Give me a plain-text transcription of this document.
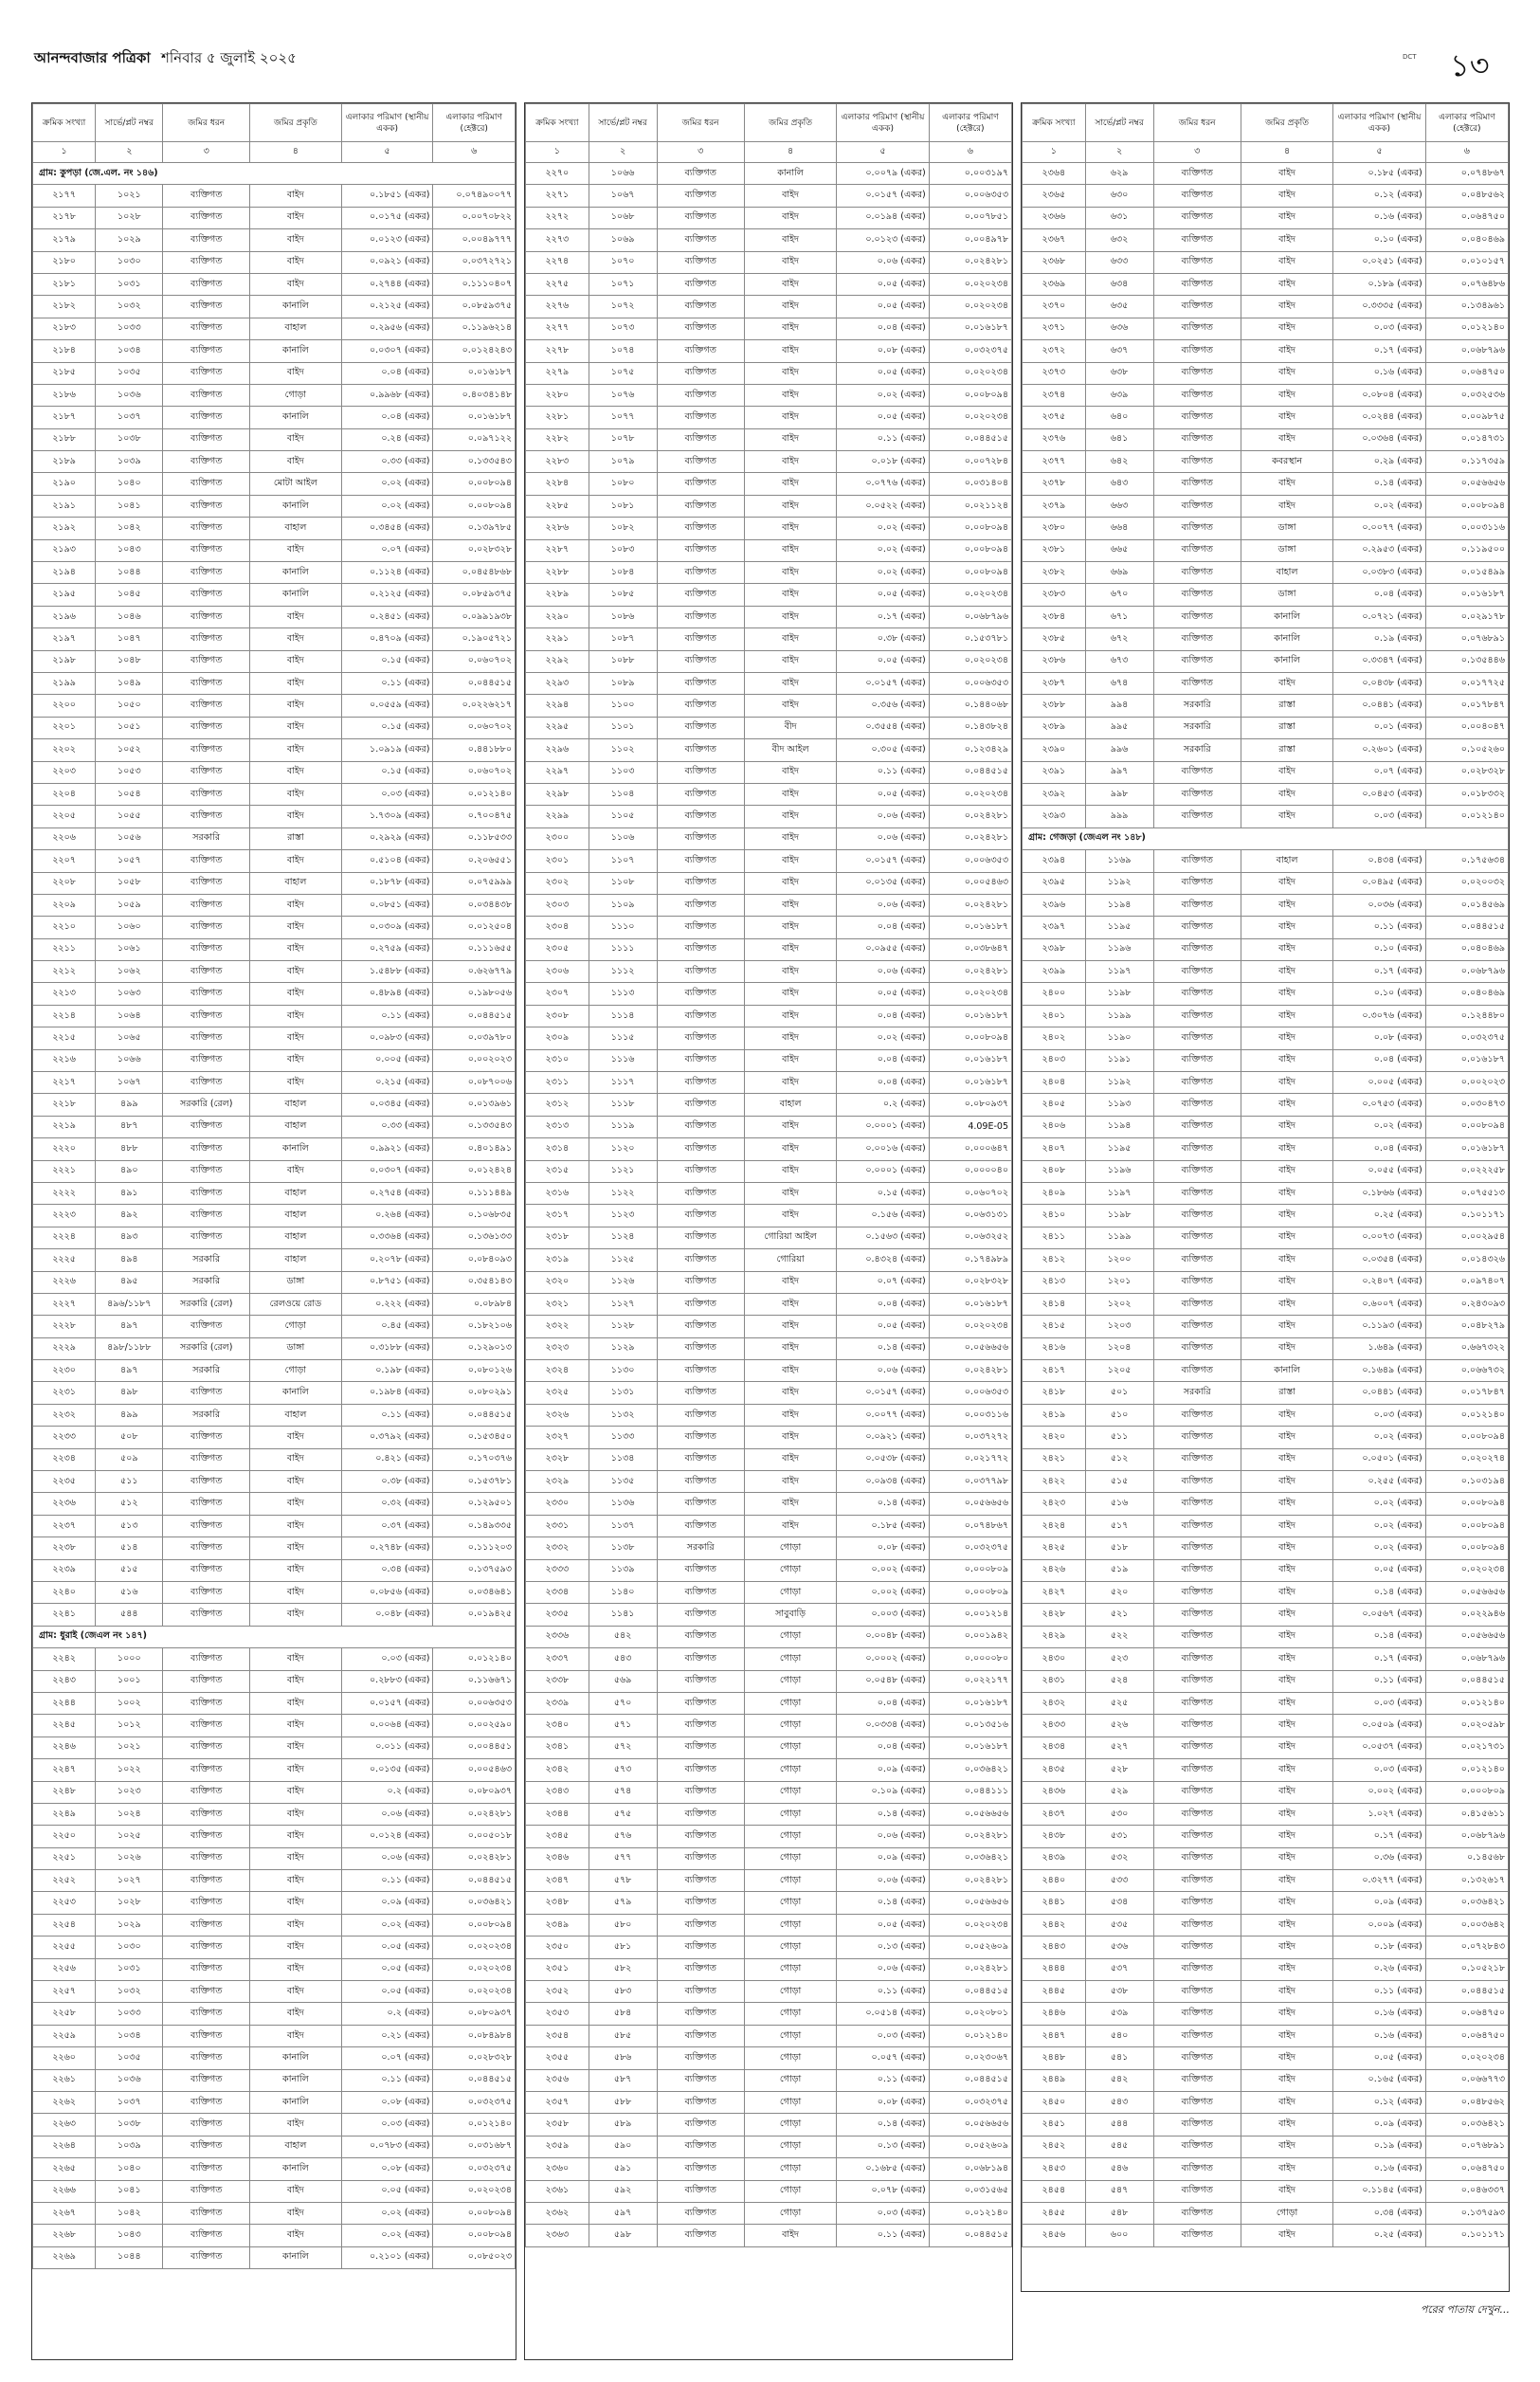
আনন্দবাজার পত্রিকা শনিবার ৫ জুলাই ২০২৫	DCT ১৩
ক্রমিক সংখ্যা	সার্ভে/প্লট নম্বর	জমির ধরন	জমির প্রকৃতি	এলাকার পরিমাণ (স্থানীয় একক)	এলাকার পরিমাণ (হেক্টরে)
১	২	৩	৪	৫	৬
গ্রাম: কুপড়া (জে.এল. নং ১৪৬)					
২১৭৭	১০২১	ব্যক্তিগত	বাইদ	০.১৮৫১ (একর)	০.০৭৪৯০০৭৭
২১৭৮	১০২৮	ব্যক্তিগত	বাইদ	০.০১৭৫ (একর)	০.০০৭০৮২২
২১৭৯	১০২৯	ব্যক্তিগত	বাইদ	০.০১২৩ (একর)	০.০০৪৯৭৭৭
২১৮০	১০৩০	ব্যক্তিগত	বাইদ	০.০৯২১ (একর)	০.০৩৭২৭২১
২১৮১	১০৩১	ব্যক্তিগত	বাইদ	০.২৭৪৪ (একর)	০.১১১০৪০৭
২১৮২	১০৩২	ব্যক্তিগত	কানালি	০.২১২৫ (একর)	০.০৮৫৯৩৭৫
২১৮৩	১০৩৩	ব্যক্তিগত	বাহাল	০.২৯৫৬ (একর)	০.১১৯৬২১৪
২১৮৪	১০৩৪	ব্যক্তিগত	কানালি	০.০৩০৭ (একর)	০.০১২৪২৪৩
২১৮৫	১০৩৫	ব্যক্তিগত	বাইদ	০.০৪ (একর)	০.০১৬১৮৭
২১৮৬	১০৩৬	ব্যক্তিগত	গোড়া	০.৯৯৬৮ (একর)	০.৪০৩৪১৪৮
২১৮৭	১০৩৭	ব্যক্তিগত	কানালি	০.০৪ (একর)	০.০১৬১৮৭
২১৮৮	১০৩৮	ব্যক্তিগত	বাইদ	০.২৪ (একর)	০.০৯৭১২২
২১৮৯	১০৩৯	ব্যক্তিগত	বাইদ	০.৩৩ (একর)	০.১৩৩৫৪৩
২১৯০	১০৪০	ব্যক্তিগত	মোটা আইল	০.০২ (একর)	০.০০৮০৯৪
২১৯১	১০৪১	ব্যক্তিগত	কানালি	০.০২ (একর)	০.০০৮০৯৪
২১৯২	১০৪২	ব্যক্তিগত	বাহাল	০.৩৪৫৪ (একর)	০.১৩৯৭৮৫
২১৯৩	১০৪৩	ব্যক্তিগত	বাইদ	০.০৭ (একর)	০.০২৮৩২৮
২১৯৪	১০৪৪	ব্যক্তিগত	কানালি	০.১১২৪ (একর)	০.০৪৫৪৮৬৮
২১৯৫	১০৪৫	ব্যক্তিগত	কানালি	০.২১২৫ (একর)	০.০৮৫৯৩৭৫
২১৯৬	১০৪৬	ব্যক্তিগত	বাইদ	০.২৪৫১ (একর)	০.০৯৯১৯৩৮
২১৯৭	১০৪৭	ব্যক্তিগত	বাইদ	০.৪৭০৯ (একর)	০.১৯০৫৭২১
২১৯৮	১০৪৮	ব্যক্তিগত	বাইদ	০.১৫ (একর)	০.০৬০৭০২
২১৯৯	১০৪৯	ব্যক্তিগত	বাইদ	০.১১ (একর)	০.০৪৪৫১৫
২২০০	১০৫০	ব্যক্তিগত	বাইদ	০.০৫৫৯ (একর)	০.০২২৬২১৭
২২০১	১০৫১	ব্যক্তিগত	বাইদ	০.১৫ (একর)	০.০৬০৭০২
২২০২	১০৫২	ব্যক্তিগত	বাইদ	১.০৯১৯ (একর)	০.৪৪১৮৮০
২২০৩	১০৫৩	ব্যক্তিগত	বাইদ	০.১৫ (একর)	০.০৬০৭০২
২২০৪	১০৫৪	ব্যক্তিগত	বাইদ	০.০৩ (একর)	০.০১২১৪০
২২০৫	১০৫৫	ব্যক্তিগত	বাইদ	১.৭৩০৯ (একর)	০.৭০০৪৭৫
২২০৬	১০৫৬	সরকারি	রাস্তা	০.২৯২৯ (একর)	০.১১৮৫৩৩
২২০৭	১০৫৭	ব্যক্তিগত	বাইদ	০.৫১০৪ (একর)	০.২০৬৫৫১
২২০৮	১০৫৮	ব্যক্তিগত	বাহাল	০.১৮৭৮ (একর)	০.০৭৫৯৯৯
২২০৯	১০৫৯	ব্যক্তিগত	বাইদ	০.০৮৫১ (একর)	০.০৩৪৪৩৮
২২১০	১০৬০	ব্যক্তিগত	বাইদ	০.০৩০৯ (একর)	০.০১২৫০৪
২২১১	১০৬১	ব্যক্তিগত	বাইদ	০.২৭৫৯ (একর)	০.১১১৬৫৫
২২১২	১০৬২	ব্যক্তিগত	বাইদ	১.৫৪৮৮ (একর)	০.৬২৬৭৭৯
২২১৩	১০৬৩	ব্যক্তিগত	বাইদ	০.৪৮৯৪ (একর)	০.১৯৮০৫৬
২২১৪	১০৬৪	ব্যক্তিগত	বাইদ	০.১১ (একর)	০.০৪৪৫১৫
২২১৫	১০৬৫	ব্যক্তিগত	বাইদ	০.০৯৮৩ (একর)	০.০৩৯৭৮০
২২১৬	১০৬৬	ব্যক্তিগত	বাইদ	০.০০৫ (একর)	০.০০২০২৩
২২১৭	১০৬৭	ব্যক্তিগত	বাইদ	০.২১৫ (একর)	০.০৮৭০০৬
২২১৮	৪৯৯	সরকারি (রেল)	বাহাল	০.০৩৪৫ (একর)	০.০১৩৯৬১
২২১৯	৪৮৭	ব্যক্তিগত	বাহাল	০.৩৩ (একর)	০.১৩৩৫৪৩
২২২০	৪৮৮	ব্যক্তিগত	কানালি	০.৯৯২১ (একর)	০.৪০১৪৯১
২২২১	৪৯০	ব্যক্তিগত	বাইদ	০.০৩০৭ (একর)	০.০১২৪২৪
২২২২	৪৯১	ব্যক্তিগত	বাহাল	০.২৭৫৪ (একর)	০.১১১৪৪৯
২২২৩	৪৯২	ব্যক্তিগত	বাহাল	০.২৬৪ (একর)	০.১০৬৮৩৫
২২২৪	৪৯৩	ব্যক্তিগত	বাহাল	০.৩৩৬৪ (একর)	০.১৩৬১৩৩
২২২৫	৪৯৪	সরকারি	বাহাল	০.২০৭৮ (একর)	০.০৮৪০৯৩
২২২৬	৪৯৫	সরকারি	ডাঙ্গা	০.৮৭৫১ (একর)	০.৩৫৪১৪৩
২২২৭	৪৯৬/১১৮৭	সরকারি (রেল)	রেলওয়ে রোড	০.২২২ (একর)	০.০৮৯৮৪
২২২৮	৪৯৭	ব্যক্তিগত	গোড়া	০.৪৫ (একর)	০.১৮২১০৬
২২২৯	৪৯৮/১১৮৮	সরকারি (রেল)	ডাঙ্গা	০.৩১৮৮ (একর)	০.১২৯০১৩
২২৩০	৪৯৭	সরকারি	গোড়া	০.১৯৮ (একর)	০.০৮০১২৬
২২৩১	৪৯৮	ব্যক্তিগত	কানালি	০.১৯৮৪ (একর)	০.০৮০২৯১
২২৩২	৪৯৯	সরকারি	বাহাল	০.১১ (একর)	০.০৪৪৫১৫
২২৩৩	৫০৮	ব্যক্তিগত	বাইদ	০.৩৭৯২ (একর)	০.১৫৩৪৫০
২২৩৪	৫০৯	ব্যক্তিগত	বাইদ	০.৪২১ (একর)	০.১৭০৩৭৬
২২৩৫	৫১১	ব্যক্তিগত	বাইদ	০.৩৮ (একর)	০.১৫৩৭৮১
২২৩৬	৫১২	ব্যক্তিগত	বাইদ	০.৩২ (একর)	০.১২৯৫০১
২২৩৭	৫১৩	ব্যক্তিগত	বাইদ	০.৩৭ (একর)	০.১৪৯৩৩৫
২২৩৮	৫১৪	ব্যক্তিগত	বাইদ	০.২৭৪৮ (একর)	০.১১১২০৩
২২৩৯	৫১৫	ব্যক্তিগত	বাইদ	০.৩৪ (একর)	০.১৩৭৫৯৩
২২৪০	৫১৬	ব্যক্তিগত	বাইদ	০.০৮৫৬ (একর)	০.০৩৪৬৪১
২২৪১	৫৪৪	ব্যক্তিগত	বাইদ	০.০৪৮ (একর)	০.০১৯৪২৫
গ্রাম: ধুরাই (জেএল নং ১৪৭)					
২২৪২	১০০০	ব্যক্তিগত	বাইদ	০.০৩ (একর)	০.০১২১৪০
২২৪৩	১০০১	ব্যক্তিগত	বাইদ	০.২৮৮৩ (একর)	০.১১৬৬৭১
২২৪৪	১০০২	ব্যক্তিগত	বাইদ	০.০১৫৭ (একর)	০.০০৬৩৫৩
২২৪৫	১০১২	ব্যক্তিগত	বাইদ	০.০০৬৪ (একর)	০.০০২৫৯০
২২৪৬	১০২১	ব্যক্তিগত	বাইদ	০.০১১ (একর)	০.০০৪৪৫১
২২৪৭	১০২২	ব্যক্তিগত	বাইদ	০.০১৩৫ (একর)	০.০০৫৪৬৩
২২৪৮	১০২৩	ব্যক্তিগত	বাইদ	০.২ (একর)	০.০৮০৯৩৭
২২৪৯	১০২৪	ব্যক্তিগত	বাইদ	০.০৬ (একর)	০.০২৪২৮১
২২৫০	১০২৫	ব্যক্তিগত	বাইদ	০.০১২৪ (একর)	০.০০৫০১৮
২২৫১	১০২৬	ব্যক্তিগত	বাইদ	০.০৬ (একর)	০.০২৪২৮১
২২৫২	১০২৭	ব্যক্তিগত	বাইদ	০.১১ (একর)	০.০৪৪৫১৫
২২৫৩	১০২৮	ব্যক্তিগত	বাইদ	০.০৯ (একর)	০.০৩৬৪২১
২২৫৪	১০২৯	ব্যক্তিগত	বাইদ	০.০২ (একর)	০.০০৮০৯৪
২২৫৫	১০৩০	ব্যক্তিগত	বাইদ	০.০৫ (একর)	০.০২০২৩৪
২২৫৬	১০৩১	ব্যক্তিগত	বাইদ	০.০৫ (একর)	০.০২০২৩৪
২২৫৭	১০৩২	ব্যক্তিগত	বাইদ	০.০৫ (একর)	০.০২০২৩৪
২২৫৮	১০৩৩	ব্যক্তিগত	বাইদ	০.২ (একর)	০.০৮০৯৩৭
২২৫৯	১০৩৪	ব্যক্তিগত	বাইদ	০.২১ (একর)	০.০৮৪৯৮৪
২২৬০	১০৩৫	ব্যক্তিগত	কানালি	০.০৭ (একর)	০.০২৮৩২৮
২২৬১	১০৩৬	ব্যক্তিগত	কানালি	০.১১ (একর)	০.০৪৪৫১৫
২২৬২	১০৩৭	ব্যক্তিগত	কানালি	০.০৮ (একর)	০.০৩২৩৭৫
২২৬৩	১০৩৮	ব্যক্তিগত	বাইদ	০.০৩ (একর)	০.০১২১৪০
২২৬৪	১০৩৯	ব্যক্তিগত	বাহাল	০.০৭৮৩ (একর)	০.০৩১৬৮৭
২২৬৫	১০৪০	ব্যক্তিগত	কানালি	০.০৮ (একর)	০.০৩২৩৭৫
২২৬৬	১০৪১	ব্যক্তিগত	বাইদ	০.০৫ (একর)	০.০২০২৩৪
২২৬৭	১০৪২	ব্যক্তিগত	বাইদ	০.০২ (একর)	০.০০৮০৯৪
২২৬৮	১০৪৩	ব্যক্তিগত	বাইদ	০.০২ (একর)	০.০০৮০৯৪
২২৬৯	১০৪৪	ব্যক্তিগত	কানালি	০.২১০১ (একর)	০.০৮৫০২৩
ক্রমিক সংখ্যা	সার্ভে/প্লট নম্বর	জমির ধরন	জমির প্রকৃতি	এলাকার পরিমাণ (স্থানীয় একক)	এলাকার পরিমাণ (হেক্টরে)
১	২	৩	৪	৫	৬
২২৭০	১০৬৬	ব্যক্তিগত	কানালি	০.০০৭৯ (একর)	০.০০৩১৯৭
২২৭১	১০৬৭	ব্যক্তিগত	বাইদ	০.০১৫৭ (একর)	০.০০৬৩৫৩
২২৭২	১০৬৮	ব্যক্তিগত	বাইদ	০.০১৯৪ (একর)	০.০০৭৮৫১
২২৭৩	১০৬৯	ব্যক্তিগত	বাইদ	০.০১২৩ (একর)	০.০০৪৯৭৮
২২৭৪	১০৭০	ব্যক্তিগত	বাইদ	০.০৬ (একর)	০.০২৪২৮১
২২৭৫	১০৭১	ব্যক্তিগত	বাইদ	০.০৫ (একর)	০.০২০২৩৪
২২৭৬	১০৭২	ব্যক্তিগত	বাইদ	০.০৫ (একর)	০.০২০২৩৪
২২৭৭	১০৭৩	ব্যক্তিগত	বাইদ	০.০৪ (একর)	০.০১৬১৮৭
২২৭৮	১০৭৪	ব্যক্তিগত	বাইদ	০.০৮ (একর)	০.০৩২৩৭৫
২২৭৯	১০৭৫	ব্যক্তিগত	বাইদ	০.০৫ (একর)	০.০২০২৩৪
২২৮০	১০৭৬	ব্যক্তিগত	বাইদ	০.০২ (একর)	০.০০৮০৯৪
২২৮১	১০৭৭	ব্যক্তিগত	বাইদ	০.০৫ (একর)	০.০২০২৩৪
২২৮২	১০৭৮	ব্যক্তিগত	বাইদ	০.১১ (একর)	০.০৪৪৫১৫
২২৮৩	১০৭৯	ব্যক্তিগত	বাইদ	০.০১৮ (একর)	০.০০৭২৮৪
২২৮৪	১০৮০	ব্যক্তিগত	বাইদ	০.০৭৭৬ (একর)	০.০৩১৪০৪
২২৮৫	১০৮১	ব্যক্তিগত	বাইদ	০.০৫২২ (একর)	০.০২১১২৪
২২৮৬	১০৮২	ব্যক্তিগত	বাইদ	০.০২ (একর)	০.০০৮০৯৪
২২৮৭	১০৮৩	ব্যক্তিগত	বাইদ	০.০২ (একর)	০.০০৮০৯৪
২২৮৮	১০৮৪	ব্যক্তিগত	বাইদ	০.০২ (একর)	০.০০৮০৯৪
২২৮৯	১০৮৫	ব্যক্তিগত	বাইদ	০.০৫ (একর)	০.০২০২৩৪
২২৯০	১০৮৬	ব্যক্তিগত	বাইদ	০.১৭ (একর)	০.০৬৮৭৯৬
২২৯১	১০৮৭	ব্যক্তিগত	বাইদ	০.৩৮ (একর)	০.১৫৩৭৮১
২২৯২	১০৮৮	ব্যক্তিগত	বাইদ	০.০৫ (একর)	০.০২০২৩৪
২২৯৩	১০৮৯	ব্যক্তিগত	বাইদ	০.০১৫৭ (একর)	০.০০৬৩৫৩
২২৯৪	১১০০	ব্যক্তিগত	বাইদ	০.৩৫৬ (একর)	০.১৪৪০৬৮
২২৯৫	১১০১	ব্যক্তিগত	বীদ	০.৩৫৫৪ (একর)	০.১৪৩৮২৪
২২৯৬	১১০২	ব্যক্তিগত	বীদ আইল	০.৩০৫ (একর)	০.১২৩৪২৯
২২৯৭	১১০৩	ব্যক্তিগত	বাইদ	০.১১ (একর)	০.০৪৪৫১৫
২২৯৮	১১০৪	ব্যক্তিগত	বাইদ	০.০৫ (একর)	০.০২০২৩৪
২২৯৯	১১০৫	ব্যক্তিগত	বাইদ	০.০৬ (একর)	০.০২৪২৮১
২৩০০	১১০৬	ব্যক্তিগত	বাইদ	০.০৬ (একর)	০.০২৪২৮১
২৩০১	১১০৭	ব্যক্তিগত	বাইদ	০.০১৫৭ (একর)	০.০০৬৩৫৩
২৩০২	১১০৮	ব্যক্তিগত	বাইদ	০.০১৩৫ (একর)	০.০০৫৪৬৩
২৩০৩	১১০৯	ব্যক্তিগত	বাইদ	০.০৬ (একর)	০.০২৪২৮১
২৩০৪	১১১০	ব্যক্তিগত	বাইদ	০.০৪ (একর)	০.০১৬১৮৭
২৩০৫	১১১১	ব্যক্তিগত	বাইদ	০.০৯৫৫ (একর)	০.০৩৮৬৪৭
২৩০৬	১১১২	ব্যক্তিগত	বাইদ	০.০৬ (একর)	০.০২৪২৮১
২৩০৭	১১১৩	ব্যক্তিগত	বাইদ	০.০৫ (একর)	০.০২০২৩৪
২৩০৮	১১১৪	ব্যক্তিগত	বাইদ	০.০৪ (একর)	০.০১৬১৮৭
২৩০৯	১১১৫	ব্যক্তিগত	বাইদ	০.০২ (একর)	০.০০৮০৯৪
২৩১০	১১১৬	ব্যক্তিগত	বাইদ	০.০৪ (একর)	০.০১৬১৮৭
২৩১১	১১১৭	ব্যক্তিগত	বাইদ	০.০৪ (একর)	০.০১৬১৮৭
২৩১২	১১১৮	ব্যক্তিগত	বাহাল	০.২ (একর)	০.০৮০৯৩৭
২৩১৩	১১১৯	ব্যক্তিগত	বাইদ	০.০০০১ (একর)	4.09E-05
২৩১৪	১১২০	ব্যক্তিগত	বাইদ	০.০০১৬ (একর)	০.০০০৬৪৭
২৩১৫	১১২১	ব্যক্তিগত	বাইদ	০.০০০১ (একর)	০.০০০০৪০
২৩১৬	১১২২	ব্যক্তিগত	বাইদ	০.১৫ (একর)	০.০৬০৭০২
২৩১৭	১১২৩	ব্যক্তিগত	বাইদ	০.১৫৬ (একর)	০.০৬৩১৩১
২৩১৮	১১২৪	ব্যক্তিগত	গোরিয়া আইল	০.১৫৬৩ (একর)	০.০৬৩২৫২
২৩১৯	১১২৫	ব্যক্তিগত	গোরিয়া	০.৪৩২৪ (একর)	০.১৭৪৯৮৯
২৩২০	১১২৬	ব্যক্তিগত	বাইদ	০.০৭ (একর)	০.০২৮৩২৮
২৩২১	১১২৭	ব্যক্তিগত	বাইদ	০.০৪ (একর)	০.০১৬১৮৭
২৩২২	১১২৮	ব্যক্তিগত	বাইদ	০.০৫ (একর)	০.০২০২৩৪
২৩২৩	১১২৯	ব্যক্তিগত	বাইদ	০.১৪ (একর)	০.০৫৬৬৫৬
২৩২৪	১১৩০	ব্যক্তিগত	বাইদ	০.০৬ (একর)	০.০২৪২৮১
২৩২৫	১১৩১	ব্যক্তিগত	বাইদ	০.০১৫৭ (একর)	০.০০৬৩৫৩
২৩২৬	১১৩২	ব্যক্তিগত	বাইদ	০.০০৭৭ (একর)	০.০০৩১১৬
২৩২৭	১১৩৩	ব্যক্তিগত	বাইদ	০.০৯২১ (একর)	০.০৩৭২৭২
২৩২৮	১১৩৪	ব্যক্তিগত	বাইদ	০.০৫৩৮ (একর)	০.০২১৭৭২
২৩২৯	১১৩৫	ব্যক্তিগত	বাইদ	০.০৯৩৪ (একর)	০.০৩৭৭৯৮
২৩৩০	১১৩৬	ব্যক্তিগত	বাইদ	০.১৪ (একর)	০.০৫৬৬৫৬
২৩৩১	১১৩৭	ব্যক্তিগত	বাইদ	০.১৮৫ (একর)	০.০৭৪৮৬৭
২৩৩২	১১৩৮	সরকারি	গোড়া	০.০৮ (একর)	০.০৩২৩৭৫
২৩৩৩	১১৩৯	ব্যক্তিগত	গোড়া	০.০০২ (একর)	০.০০০৮০৯
২৩৩৪	১১৪০	ব্যক্তিগত	গোড়া	০.০০২ (একর)	০.০০০৮০৯
২৩৩৫	১১৪১	ব্যক্তিগত	সাবুবাড়ি	০.০০৩ (একর)	০.০০১২১৪
২৩৩৬	৫৪২	ব্যক্তিগত	গোড়া	০.০০৪৮ (একর)	০.০০১৯৪২
২৩৩৭	৫৪৩	ব্যক্তিগত	গোড়া	০.০০০২ (একর)	০.০০০০৮০
২৩৩৮	৫৬৯	ব্যক্তিগত	গোড়া	০.০৫৪৮ (একর)	০.০২২১৭৭
২৩৩৯	৫৭০	ব্যক্তিগত	গোড়া	০.০৪ (একর)	০.০১৬১৮৭
২৩৪০	৫৭১	ব্যক্তিগত	গোড়া	০.০৩৩৪ (একর)	০.০১৩৫১৬
২৩৪১	৫৭২	ব্যক্তিগত	গোড়া	০.০৪ (একর)	০.০১৬১৮৭
২৩৪২	৫৭৩	ব্যক্তিগত	গোড়া	০.০৯ (একর)	০.০৩৬৪২১
২৩৪৩	৫৭৪	ব্যক্তিগত	গোড়া	০.১০৯ (একর)	০.০৪৪১১১
২৩৪৪	৫৭৫	ব্যক্তিগত	গোড়া	০.১৪ (একর)	০.০৫৬৬৫৬
২৩৪৫	৫৭৬	ব্যক্তিগত	গোড়া	০.০৬ (একর)	০.০২৪২৮১
২৩৪৬	৫৭৭	ব্যক্তিগত	গোড়া	০.০৯ (একর)	০.০৩৬৪২১
২৩৪৭	৫৭৮	ব্যক্তিগত	গোড়া	০.০৬ (একর)	০.০২৪২৮১
২৩৪৮	৫৭৯	ব্যক্তিগত	গোড়া	০.১৪ (একর)	০.০৫৬৬৫৬
২৩৪৯	৫৮০	ব্যক্তিগত	গোড়া	০.০৫ (একর)	০.০২০২৩৪
২৩৫০	৫৮১	ব্যক্তিগত	গোড়া	০.১৩ (একর)	০.০৫২৬০৯
২৩৫১	৫৮২	ব্যক্তিগত	গোড়া	০.০৬ (একর)	০.০২৪২৮১
২৩৫২	৫৮৩	ব্যক্তিগত	গোড়া	০.১১ (একর)	০.০৪৪৫১৫
২৩৫৩	৫৮৪	ব্যক্তিগত	গোড়া	০.০৫১৪ (একর)	০.০২০৮০১
২৩৫৪	৫৮৫	ব্যক্তিগত	গোড়া	০.০৩ (একর)	০.০১২১৪০
২৩৫৫	৫৮৬	ব্যক্তিগত	গোড়া	০.০৫৭ (একর)	০.০২৩০৬৭
২৩৫৬	৫৮৭	ব্যক্তিগত	গোড়া	০.১১ (একর)	০.০৪৪৫১৫
২৩৫৭	৫৮৮	ব্যক্তিগত	গোড়া	০.০৮ (একর)	০.০৩২৩৭৫
২৩৫৮	৫৮৯	ব্যক্তিগত	গোড়া	০.১৪ (একর)	০.০৫৬৬৫৬
২৩৫৯	৫৯০	ব্যক্তিগত	গোড়া	০.১৩ (একর)	০.০৫২৬০৯
২৩৬০	৫৯১	ব্যক্তিগত	গোড়া	০.১৬৮৫ (একর)	০.০৬৮১৯৪
২৩৬১	৫৯২	ব্যক্তিগত	গোড়া	০.০৭৮ (একর)	০.০৩১৫৬৫
২৩৬২	৫৯৭	ব্যক্তিগত	গোড়া	০.০৩ (একর)	০.০১২১৪০
২৩৬৩	৫৯৮	ব্যক্তিগত	বাইদ	০.১১ (একর)	০.০৪৪৫১৫
ক্রমিক সংখ্যা	সার্ভে/প্লট নম্বর	জমির ধরন	জমির প্রকৃতি	এলাকার পরিমাণ (স্থানীয় একক)	এলাকার পরিমাণ (হেক্টরে)
১	২	৩	৪	৫	৬
২৩৬৪	৬২৯	ব্যক্তিগত	বাইদ	০.১৮৫ (একর)	০.০৭৪৮৬৭
২৩৬৫	৬৩০	ব্যক্তিগত	বাইদ	০.১২ (একর)	০.০৪৮৫৬২
২৩৬৬	৬৩১	ব্যক্তিগত	বাইদ	০.১৬ (একর)	০.০৬৪৭৫০
২৩৬৭	৬৩২	ব্যক্তিগত	বাইদ	০.১০ (একর)	০.০৪০৪৬৯
২৩৬৮	৬৩৩	ব্যক্তিগত	বাইদ	০.০২৫১ (একর)	০.০১০১৫৭
২৩৬৯	৬৩৪	ব্যক্তিগত	বাইদ	০.১৮৯ (একর)	০.০৭৬৪৮৬
২৩৭০	৬৩৫	ব্যক্তিগত	বাইদ	০.৩৩৩৫ (একর)	০.১৩৪৯৬১
২৩৭১	৬৩৬	ব্যক্তিগত	বাইদ	০.০৩ (একর)	০.০১২১৪০
২৩৭২	৬৩৭	ব্যক্তিগত	বাইদ	০.১৭ (একর)	০.০৬৮৭৯৬
২৩৭৩	৬৩৮	ব্যক্তিগত	বাইদ	০.১৬ (একর)	০.০৬৪৭৫০
২৩৭৪	৬৩৯	ব্যক্তিগত	বাইদ	০.০৮০৪ (একর)	০.০৩২৫৩৬
২৩৭৫	৬৪০	ব্যক্তিগত	বাইদ	০.০২৪৪ (একর)	০.০০৯৮৭৫
২৩৭৬	৬৪১	ব্যক্তিগত	বাইদ	০.০৩৬৪ (একর)	০.০১৪৭৩১
২৩৭৭	৬৪২	ব্যক্তিগত	কবরস্থান	০.২৯ (একর)	০.১১৭৩৫৯
২৩৭৮	৬৪৩	ব্যক্তিগত	বাইদ	০.১৪ (একর)	০.০৫৬৬৫৬
২৩৭৯	৬৬৩	ব্যক্তিগত	বাইদ	০.০২ (একর)	০.০০৮০৯৪
২৩৮০	৬৬৪	ব্যক্তিগত	ডাঙ্গা	০.০০৭৭ (একর)	০.০০৩১১৬
২৩৮১	৬৬৫	ব্যক্তিগত	ডাঙ্গা	০.২৯৫৩ (একর)	০.১১৯৫০০
২৩৮২	৬৬৯	ব্যক্তিগত	বাহাল	০.০৩৮৩ (একর)	০.০১৫৪৯৯
২৩৮৩	৬৭০	ব্যক্তিগত	ডাঙ্গা	০.০৪ (একর)	০.০১৬১৮৭
২৩৮৪	৬৭১	ব্যক্তিগত	কানালি	০.০৭২১ (একর)	০.০২৯১৭৮
২৩৮৫	৬৭২	ব্যক্তিগত	কানালি	০.১৯ (একর)	০.০৭৬৮৯১
২৩৮৬	৬৭৩	ব্যক্তিগত	কানালি	০.৩৩৪৭ (একর)	০.১৩৫৪৪৬
২৩৮৭	৬৭৪	ব্যক্তিগত	বাইদ	০.০৪৩৮ (একর)	০.০১৭৭২৫
২৩৮৮	৯৯৪	সরকারি	রাস্তা	০.০৪৪১ (একর)	০.০১৭৮৪৭
২৩৮৯	৯৯৫	সরকারি	রাস্তা	০.০১ (একর)	০.০০৪০৪৭
২৩৯০	৯৯৬	সরকারি	রাস্তা	০.২৬০১ (একর)	০.১০৫২৬০
২৩৯১	৯৯৭	ব্যক্তিগত	বাইদ	০.০৭ (একর)	০.০২৮৩২৮
২৩৯২	৯৯৮	ব্যক্তিগত	বাইদ	০.০৪৫৩ (একর)	০.০১৮৩৩২
২৩৯৩	৯৯৯	ব্যক্তিগত	বাইদ	০.০৩ (একর)	০.০১২১৪০
গ্রাম: গেজড়া (জেএল নং ১৪৮)					
২৩৯৪	১১৬৯	ব্যক্তিগত	বাহাল	০.৪৩৪ (একর)	০.১৭৫৬৩৪
২৩৯৫	১১৯২	ব্যক্তিগত	বাইদ	০.০৪৯৫ (একর)	০.০২০০৩২
২৩৯৬	১১৯৪	ব্যক্তিগত	বাইদ	০.০৩৬ (একর)	০.০১৪৫৬৯
২৩৯৭	১১৯৫	ব্যক্তিগত	বাইদ	০.১১ (একর)	০.০৪৪৫১৫
২৩৯৮	১১৯৬	ব্যক্তিগত	বাইদ	০.১০ (একর)	০.০৪০৪৬৯
২৩৯৯	১১৯৭	ব্যক্তিগত	বাইদ	০.১৭ (একর)	০.০৬৮৭৯৬
২৪০০	১১৯৮	ব্যক্তিগত	বাইদ	০.১০ (একর)	০.০৪০৪৬৯
২৪০১	১১৯৯	ব্যক্তিগত	বাইদ	০.৩০৭৬ (একর)	০.১২৪৪৮০
২৪০২	১১৯০	ব্যক্তিগত	বাইদ	০.০৮ (একর)	০.০৩২৩৭৫
২৪০৩	১১৯১	ব্যক্তিগত	বাইদ	০.০৪ (একর)	০.০১৬১৮৭
২৪০৪	১১৯২	ব্যক্তিগত	বাইদ	০.০০৫ (একর)	০.০০২০২৩
২৪০৫	১১৯৩	ব্যক্তিগত	বাইদ	০.০৭৫৩ (একর)	০.০৩০৪৭৩
২৪০৬	১১৯৪	ব্যক্তিগত	বাইদ	০.০২ (একর)	০.০০৮০৯৪
২৪০৭	১১৯৫	ব্যক্তিগত	বাইদ	০.০৪ (একর)	০.০১৬১৮৭
২৪০৮	১১৯৬	ব্যক্তিগত	বাইদ	০.০৫৫ (একর)	০.০২২২৫৮
২৪০৯	১১৯৭	ব্যক্তিগত	বাইদ	০.১৮৬৬ (একর)	০.০৭৫৫১৩
২৪১০	১১৯৮	ব্যক্তিগত	বাইদ	০.২৫ (একর)	০.১০১১৭১
২৪১১	১১৯৯	ব্যক্তিগত	বাইদ	০.০০৭৩ (একর)	০.০০২৯৫৪
২৪১২	১২০০	ব্যক্তিগত	বাইদ	০.০৩৫৪ (একর)	০.০১৪৩২৬
২৪১৩	১২০১	ব্যক্তিগত	বাইদ	০.২৪০৭ (একর)	০.০৯৭৪০৭
২৪১৪	১২০২	ব্যক্তিগত	বাইদ	০.৬০০৭ (একর)	০.২৪৩০৯৩
২৪১৫	১২০৩	ব্যক্তিগত	বাইদ	০.১১৯৩ (একর)	০.০৪৮২৭৯
২৪১৬	১২০৪	ব্যক্তিগত	বাইদ	১.৬৪৯ (একর)	০.৬৬৭৩২২
২৪১৭	১২০৫	ব্যক্তিগত	কানালি	০.১৬৪৯ (একর)	০.০৬৬৭৩২
২৪১৮	৫০১	সরকারি	রাস্তা	০.০৪৪১ (একর)	০.০১৭৮৪৭
২৪১৯	৫১০	ব্যক্তিগত	বাইদ	০.০৩ (একর)	০.০১২১৪০
২৪২০	৫১১	ব্যক্তিগত	বাইদ	০.০২ (একর)	০.০০৮০৯৪
২৪২১	৫১২	ব্যক্তিগত	বাইদ	০.০৫০১ (একর)	০.০২০২৭৪
২৪২২	৫১৫	ব্যক্তিগত	বাইদ	০.২৫৫ (একর)	০.১০৩১৯৪
২৪২৩	৫১৬	ব্যক্তিগত	বাইদ	০.০২ (একর)	০.০০৮০৯৪
২৪২৪	৫১৭	ব্যক্তিগত	বাইদ	০.০২ (একর)	০.০০৮০৯৪
২৪২৫	৫১৮	ব্যক্তিগত	বাইদ	০.০২ (একর)	০.০০৮০৯৪
২৪২৬	৫১৯	ব্যক্তিগত	বাইদ	০.০৫ (একর)	০.০২০২৩৪
২৪২৭	৫২০	ব্যক্তিগত	বাইদ	০.১৪ (একর)	০.০৫৬৬৫৬
২৪২৮	৫২১	ব্যক্তিগত	বাইদ	০.০৫৬৭ (একর)	০.০২২৯৪৬
২৪২৯	৫২২	ব্যক্তিগত	বাইদ	০.১৪ (একর)	০.০৫৬৬৫৬
২৪৩০	৫২৩	ব্যক্তিগত	বাইদ	০.১৭ (একর)	০.০৬৮৭৯৬
২৪৩১	৫২৪	ব্যক্তিগত	বাইদ	০.১১ (একর)	০.০৪৪৫১৫
২৪৩২	৫২৫	ব্যক্তিগত	বাইদ	০.০৩ (একর)	০.০১২১৪০
২৪৩৩	৫২৬	ব্যক্তিগত	বাইদ	০.০৫০৯ (একর)	০.০২০৫৯৮
২৪৩৪	৫২৭	ব্যক্তিগত	বাইদ	০.০৫৩৭ (একর)	০.০২১৭৩১
২৪৩৫	৫২৮	ব্যক্তিগত	বাইদ	০.০৩ (একর)	০.০১২১৪০
২৪৩৬	৫২৯	ব্যক্তিগত	বাইদ	০.০০২ (একর)	০.০০০৮০৯
২৪৩৭	৫৩০	ব্যক্তিগত	বাইদ	১.০২৭ (একর)	০.৪১৫৬১১
২৪৩৮	৫৩১	ব্যক্তিগত	বাইদ	০.১৭ (একর)	০.০৬৮৭৯৬
২৪৩৯	৫৩২	ব্যক্তিগত	বাইদ	০.৩৬ (একর)	০.১৪৫৬৮
২৪৪০	৫৩৩	ব্যক্তিগত	বাইদ	০.৩২৭৭ (একর)	০.১৩২৬১৭
২৪৪১	৫৩৪	ব্যক্তিগত	বাইদ	০.০৯ (একর)	০.০৩৬৪২১
২৪৪২	৫৩৫	ব্যক্তিগত	বাইদ	০.০০৯ (একর)	০.০০৩৬৪২
২৪৪৩	৫৩৬	ব্যক্তিগত	বাইদ	০.১৮ (একর)	০.০৭২৮৪৩
২৪৪৪	৫৩৭	ব্যক্তিগত	বাইদ	০.২৬ (একর)	০.১০৫২১৮
২৪৪৫	৫৩৮	ব্যক্তিগত	বাইদ	০.১১ (একর)	০.০৪৪৫১৫
২৪৪৬	৫৩৯	ব্যক্তিগত	বাইদ	০.১৬ (একর)	০.০৬৪৭৫০
২৪৪৭	৫৪০	ব্যক্তিগত	বাইদ	০.১৬ (একর)	০.০৬৪৭৫০
২৪৪৮	৫৪১	ব্যক্তিগত	বাইদ	০.০৫ (একর)	০.০২০২৩৪
২৪৪৯	৫৪২	ব্যক্তিগত	বাইদ	০.১৬৫ (একর)	০.০৬৬৭৭৩
২৪৫০	৫৪৩	ব্যক্তিগত	বাইদ	০.১২ (একর)	০.০৪৮৫৬২
২৪৫১	৫৪৪	ব্যক্তিগত	বাইদ	০.০৯ (একর)	০.০৩৬৪২১
২৪৫২	৫৪৫	ব্যক্তিগত	বাইদ	০.১৯ (একর)	০.০৭৬৮৯১
২৪৫৩	৫৪৬	ব্যক্তিগত	বাইদ	০.১৬ (একর)	০.০৬৪৭৫০
২৪৫৪	৫৪৭	ব্যক্তিগত	বাইদ	০.১১৪৫ (একর)	০.০৪৬৩৩৭
২৪৫৫	৫৪৮	ব্যক্তিগত	গোড়া	০.৩৪ (একর)	০.১৩৭৫৯৩
২৪৫৬	৬০০	ব্যক্তিগত	বাইদ	০.২৫ (একর)	০.১০১১৭১
পরের পাতায় দেখুন...
